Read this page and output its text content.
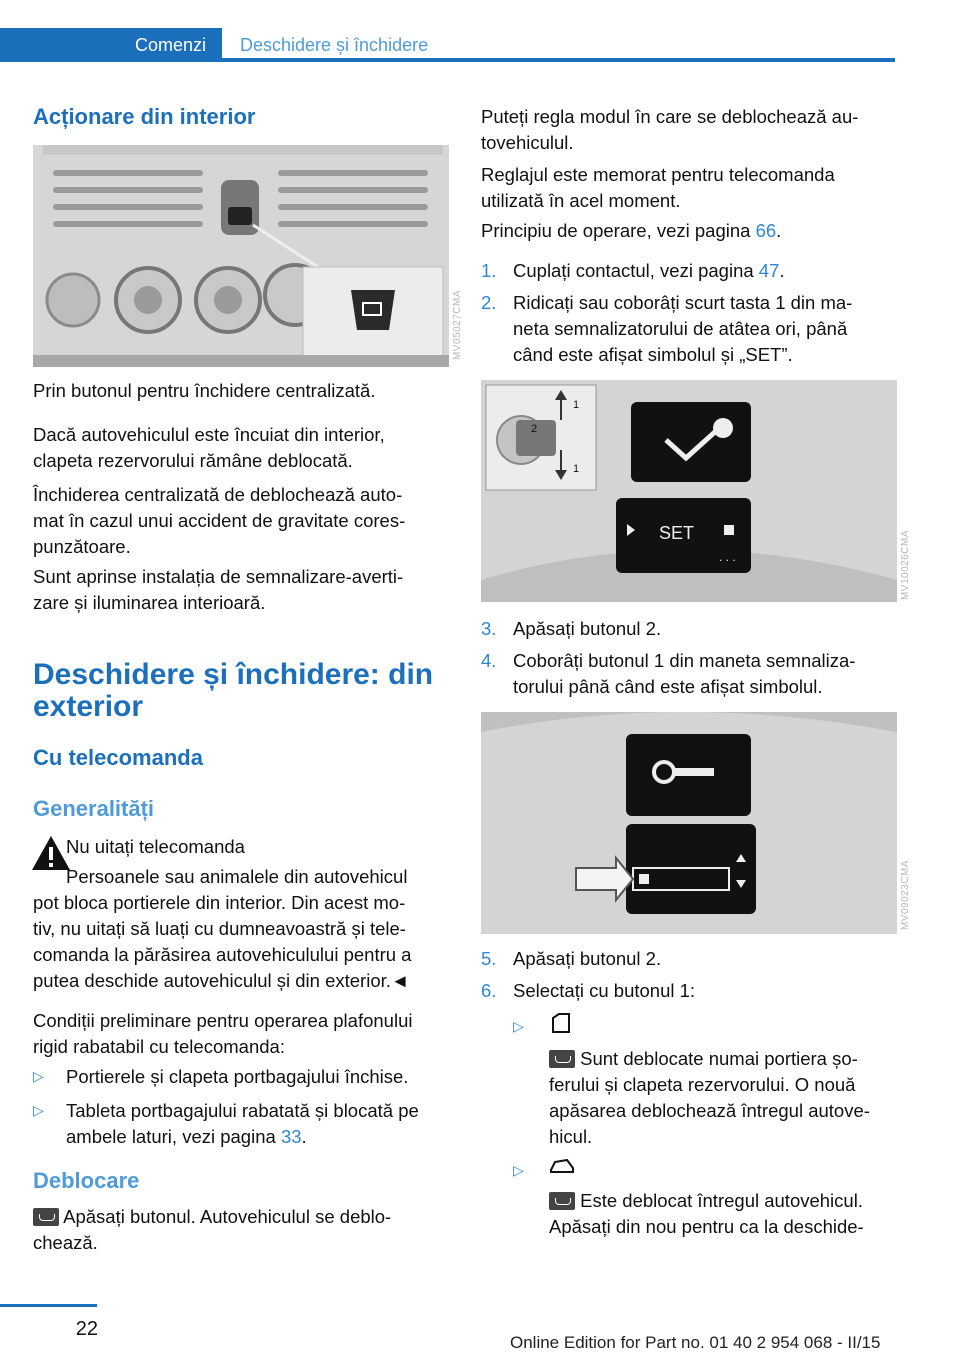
Comenzi	Deschidere și închidere
Acționare din interior
MV05027CMA
Prin butonul pentru închidere centralizată.
Dacă autovehiculul este încuiat din interior,
clapeta rezervorului rămâne deblocată.
Închiderea centralizată de deblochează auto-
mat în cazul unui accident de gravitate cores-
punzătoare.
Sunt aprinse instalația de semnalizare-averti-
zare și iluminarea interioară.
Deschidere și închidere: din
exterior
Cu telecomanda
Generalități
Nu uitați telecomanda
Persoanele sau animalele din autovehicul
pot bloca portierele din interior. Din acest mo-
tiv, nu uitați să luați cu dumneavoastră și tele-
comanda la părăsirea autovehiculului pentru a
putea deschide autovehiculul și din exterior.◄
Condiții preliminare pentru operarea plafonului
rigid rabatabil cu telecomanda:
▷ Portierele și clapeta portbagajului închise.
▷ Tableta portbagajului rabatată și blocată pe
ambele laturi, vezi pagina 33.
Deblocare
Apăsați butonul. Autovehiculul se deblo-
chează.
Puteți regla modul în care se deblochează au-
tovehiculul.
Reglajul este memorat pentru telecomanda
utilizată în acel moment.
Principiu de operare, vezi pagina 66.
1. Cuplați contactul, vezi pagina 47.
2. Ridicați sau coborâți scurt tasta 1 din ma-
neta semnalizatorului de atâtea ori, până
când este afișat simbolul și „SET”.
1
2
1
SET
. . .	MV10026CMA
3. Apăsați butonul 2.
4. Coborâți butonul 1 din maneta semnaliza-
torului până când este afișat simbolul.
MV09023CMA
5. Apăsați butonul 2.
6. Selectați cu butonul 1:
▷
Sunt deblocate numai portiera șo-
ferului și clapeta rezervorului. O nouă
apăsarea deblochează întregul autove-
hicul.
▷
Este deblocat întregul autovehicul.
Apăsați din nou pentru ca la deschide-
22
Online Edition for Part no. 01 40 2 954 068 - II/15
